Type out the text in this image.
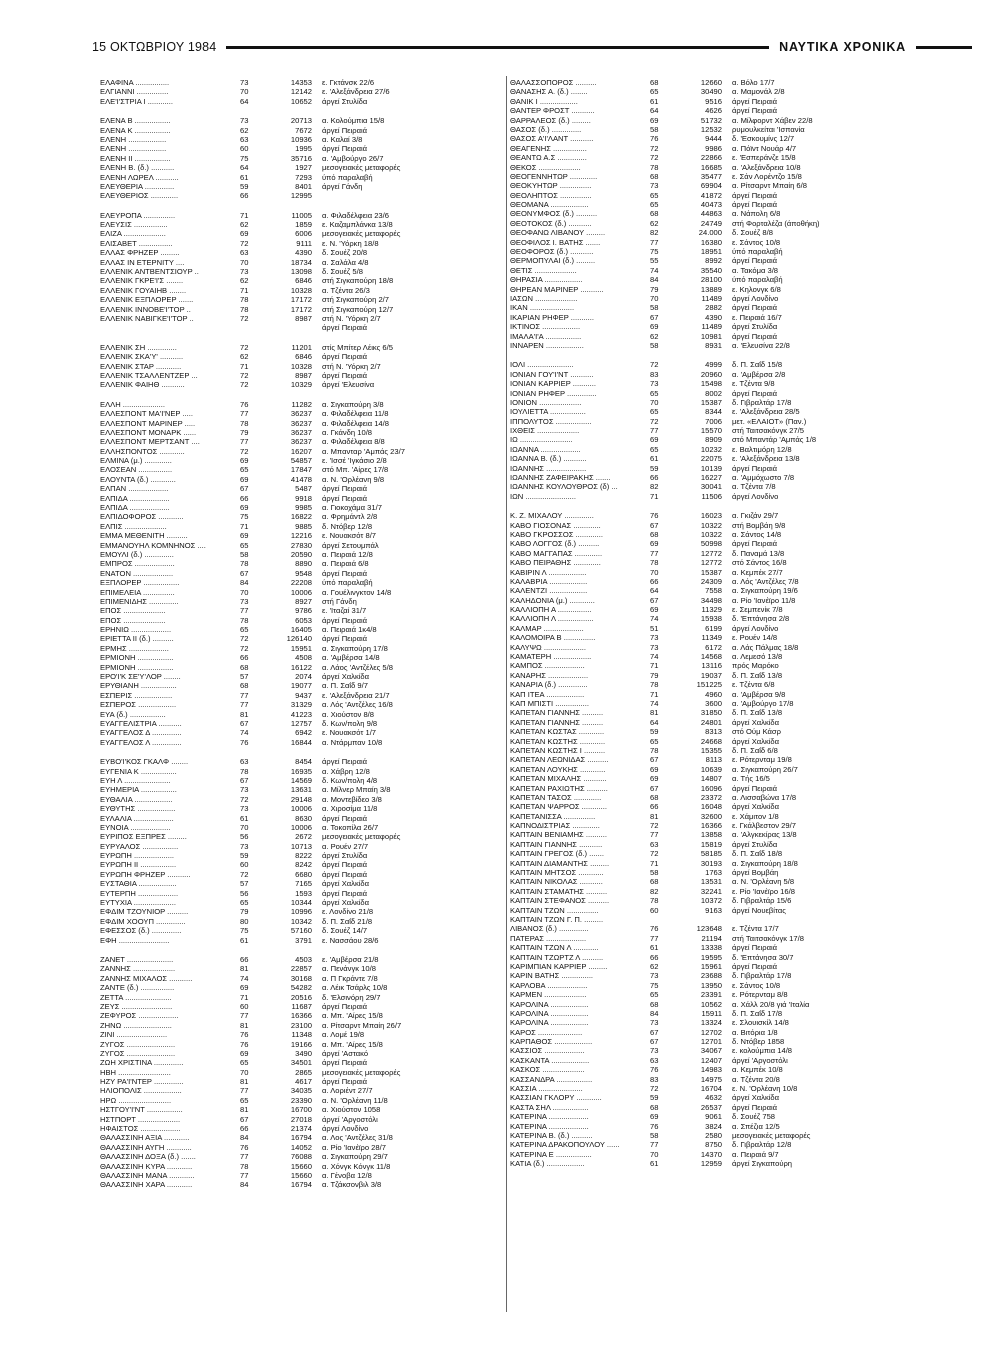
15 ΟΚΤΩΒΡΙΟΥ 1984	ΝΑΥΤΙΚΑ ΧΡΟΝΙΚΑ
ΕΛΑΦΙΝΑ ................	73	14353	ε. Γκτάνσκ 22/6
ΕΛΓΙΑΝΝΙ ...............	70	12142	ε. 'Αλεξάνδρεια 27/6
ΕΛΕ'Ι'ΣΤΡΙΑ Ι ............	64	10652	άργεί Στυλίδα
ΕΛΕΝΑ Β .................	73	20713	α. Κολούμπια 15/8
ΕΛΕΝΑ Κ .................	62	7672	άργεί Πειραιά
ΕΛΕΝΗ ..................	63	10936	α. Καλαί 3/8
ΕΛΕΝΗ ..................	60	1995	άργεί Πειραιά
ΕΛΕΝΗ ΙΙ .................	75	35716	α. 'Αμβούργο 26/7
ΕΛΕΝΗ Β. (δ.) ...........	64	1927	μεσογειακές μεταφορές
ΕΛΕΝΗ ΛΩΡΕΛ ...........	61	7293	ύπό παραλαβή
ΕΛΕΥΘΕΡΙΑ ..............	59	8401	άργεί Γάνδη
ΕΛΕΥΘΕΡΙΟΣ .............	66	12995
ΕΛΕΥΡΟΠΑ ...............	71	11005	α. Φιλαδέλφεια 23/6
ΕΛΕΥΣΙΣ ................	62	1859	ε. Καζαμπλάνκα 13/8
ΕΛΙΖΑ ....................	69	6006	μεσογειακές μεταφορές
ΕΛΙΣΑΒΕΤ ................	72	9111	ε. Ν. 'Υόρκη 18/8
ΕΛΛΑΣ ΦΡΗΖΕΡ .........	63	4390	δ. Σουέζ 20/8
ΕΛΛΑΣ ΙΝ ΕΤΕΡΝΙΤΥ ....	70	18734	α. Σαλάλα 4/8
ΕΛΛΕΝΙΚ ΑΝΤΒΕΝΤΣΙΟΥΡ ..	73	13098	δ. Σουέζ 5/8
ΕΛΛΕΝΙΚ ΓΚΡΕ'Ι'Σ ........	62	6846	στή Σιγκαπούρη 18/8
ΕΛΛΕΝΙΚ ΓΟΥΑΙΗΒ ........	71	10328	α. Τζέντα 26/3
ΕΛΛΕΝΙΚ ΕΞΠΛΟΡΕΡ .......	78	17172	στή Σιγκαπούρη 2/7
ΕΛΛΕΝΙΚ ΙΝΝΟΒΕ'Ι'ΤΟΡ ..	78	17172	στή Σιγκαπούρη 12/7
ΕΛΛΕΝΙΚ ΝΑΒΙΓΚΕ'Ι'ΤΟΡ ..	72	8987	στή Ν. 'Υόρκη 2/7
άργεί Πειραιά
ΕΛΛΕΝΙΚ ΣΗ ..............	72	11201	στίς Μπίτερ Λέικς 6/5
ΕΛΛΕΝΙΚ ΣΚΑ'Υ' ...........	62	6846	άργεί Πειραιά
ΕΛΛΕΝΙΚ ΣΤΑΡ ............	71	10328	στή Ν. 'Υόρκη 2/7
ΕΛΛΕΝΙΚ ΤΣΑΛΛΕΝΤΖΕΡ ...	72	8987	άργεί Πειραιά
ΕΛΛΕΝΙΚ ΦΑΙΗΘ ...........	72	10329	άργεί 'Ελευσίνα
ΕΛΛΗ ....................	76	11282	α. Σιγκαπούρη 3/8
ΕΛΛΕΣΠΟΝΤ ΜΑ'Ι'ΝΕΡ .....	77	36237	α. Φιλαδέλφεια 11/8
ΕΛΛΕΣΠΟΝΤ ΜΑΡΙΝΕΡ .....	78	36237	α. Φιλαδέλφεια 14/8
ΕΛΛΕΣΠΟΝΤ ΜΟΝΑΡΚ ......	79	36237	α. Γκάνδη 10/8
ΕΛΛΕΣΠΟΝΤ ΜΕΡΤΣΑΝΤ ....	77	36237	α. Φιλαδέλφεια 8/8
ΕΛΛΗΣΠΟΝΤΟΣ ............	72	16207	α. Μπανταρ 'Αμπάς 23/7
ΕΛΜΙΝΑ (μ.) .............	69	54857	ε. 'Ισσέ 'Ιγκάσιο 2/8
ΕΛΟΣΕΑΝ ................	65	17847	στό Μπ. 'Αίρες 17/8
ΕΛΟΥΝΤΑ (δ.) ............	69	41478	α. Ν. 'Ορλέανη 9/8
ΕΛΠΑΝ ...................	67	5487	άργεί Πειραιά
ΕΛΠΙΔΑ ...................	66	9918	άργεί Πειραιά
ΕΛΠΙΔΑ ...................	69	9985	α. Γιοκοχάμα 31/7
ΕΛΠΙΔΟΦΟΡΟΣ ............	75	16822	α. Φρημάντλ 2/8
ΕΛΠΙΣ ....................	71	9885	δ. Ντόβερ 12/8
ΕΜΜΑ ΜΕΘΕΝΙΤΗ ..........	69	12216	ε. Νουακσότ 8/7
ΕΜΜΑΝΟΥΗΛ ΚΟΜΝΗΝΟΣ ....	65	27830	άργεί Σετουμπάλ
ΕΜΟΥΛΙ (δ.) ..............	58	20590	α. Πειραιά 12/8
ΕΜΠΡΟΣ ...................	78	8890	α. Πειραιά 6/8
ΕΝΑΤΟΝ ...................	67	9548	άργεί Πειραιά
ΕΞΠΛΟΡΕΡ .................	84	22208	ύπό παραλαβή
ΕΠΙΜΕΛΕΙΑ ...............	70	10006	α. Γουέλινγκτον 14/8
ΕΠΙΜΕΝΙΔΗΣ ..............	73	8927	στή Γάνδη
ΕΠΟΣ ....................	77	9786	ε. 'Ιταζαί 31/7
ΕΠΟΣ ....................	78	6053	άργεί Πειραιά
ΕΡΗΝΙΩ ...................	65	16405	α. Πειραιά 1κ4/8
ΕΡΙΕΤΤΑ ΙΙ (δ.) ..........	72	126140	άργεί Πειραιά
ΕΡΜΗΣ ...................	72	15951	α. Σιγκαπούρη 17/8
ΕΡΜΙΟΝΗ .................	66	4508	α. 'Αμβέρσα 14/8
ΕΡΜΙΟΝΗ .................	68	16122	α. Λάος 'Αντζέλες 5/8
ΕΡΟ'Ι'Κ ΣΕ'Υ'ΛΟΡ ........	57	2074	άργεί Χαλκίδα
ΕΡΥΘΙΑΝΗ .................	68	19077	α. Π. Σαΐδ 9/7
ΕΣΠΕΡΙΣ ..................	77	9437	ε. 'Αλεξάνδρεια 21/7
ΕΣΠΕΡΟΣ ..................	77	31329	α. Λός 'Αντζέλες 16/8
ΕΥΑ (δ.) .................	81	41223	α. Χιούστον 8/8
ΕΥΑΓΓΕΛΙΣΤΡΙΑ ...........	67	12757	δ. Κων/πολη 9/8
ΕΥΑΓΓΕΛΟΣ Δ ..............	74	6942	ε. Νουακσότ 1/7
ΕΥΑΓΓΕΛΟΣ Λ ..............	76	16844	α. Ντάρμπαν 10/8
ΕΥΒΟ'Ι'ΚΟΣ ΓΚΑΛΦ ........	63	8454	άργεί Πειραιά
ΕΥΓΕΝΙΑ Κ .................	78	16935	α. Χάβρη 12/8
ΕΥΗ Λ ......................	67	14569	δ. Κων/πολη 4/8
ΕΥΗΜΕΡΙΑ .................	73	13631	α. Μίλνερ Μπαίη 3/8
ΕΥΘΑΛΙΑ ..................	72	29148	α. Μοντεβίδεο 3/8
ΕΥΘΥΤΗΣ ..................	73	10006	α. Χιροσίμα 11/8
ΕΥΛΑΛΙΑ ...................	61	8630	άργεί Πειραιά
ΕΥΝΟΙΑ ...................	70	10006	α. Τοκοπίλα 26/7
ΕΥΡΙΠΟΣ ΕΞΠΡΕΣ .........	56	2672	μεσογειακές μεταφορές
ΕΥΡΥΑΛΟΣ .................	73	10713	α. Ρουέν 27/7
ΕΥΡΩΠΗ ...................	59	8222	άργεί Στυλίδα
ΕΥΡΩΠΗ ΙΙ .................	60	8242	άργεί Πειραιά
ΕΥΡΩΠΗ ΦΡΗΖΕΡ ...........	72	6680	άργεί Πειραιά
ΕΥΣΤΑΘΙΑ ..................	57	7165	άργεί Χαλκίδα
ΕΥΤΕΡΠΗ ...................	56	1593	άργεί Πειραιά
ΕΥΤΥΧΙΑ ....................	65	10344	άργεί Χαλκίδα
ΕΦΔΙΜ ΤΖΟΥΝΙΟΡ ..........	79	10996	ε. Λονδίνο 21/8
ΕΦΔΙΜ ΧΟΟΥΠ ..............	80	10342	δ. Π. Σαΐδ 21/8
ΕΦΕΣΣΟΣ (δ.) ..............	75	57160	δ. Σουέζ 14/7
ΕΦΗ ........................	61	3791	ε. Νασσάου 28/6
ΖΑΝΕΤ ......................	66	4503	ε. 'Αμβέρσα 21/8
ΖΑΝΝΗΣ ....................	81	22857	α. Πενάνγκ 10/8
ΖΑΝΝΗΣ ΜΙΧΑΛΟΣ ...........	74	30168	α. Π Γκράντε 7/8
ΖΑΝΤΕ (δ.) ................	69	54282	α. Λέικ Τσάρλς 10/8
ΖΕΤΤΑ ......................	71	20516	δ. 'Ελσινόρη 29/7
ΖΕΥΣ ........................	60	11687	άργεί Πειραιά
ΖΕΦΥΡΟΣ ...................	77	16366	α. Μπ. 'Αίρες 15/8
ΖΗΝΩ .......................	81	23100	α. Ρίτσαρντ Μπαίη 26/7
ΖΙΝΙ ........................	76	11348	α. Λομέ 19/8
ΖΥΓΟΣ .......................	76	19166	α. Μπ. 'Αίρες 15/8
ΖΥΓΟΣ .......................	69	3490	άργεί 'Αστακό
ΖΩΗ ΧΡΙΣΤΙΝΑ ..............	65	34501	άργεί Πειραιά
ΗΒΗ .........................	70	2865	μεσογειακές μεταφορές
ΗΖΥ ΡΑ'Ι'ΝΤΕΡ ..............	81	4617	άργεί Πειραιά
ΗΛΙΟΠΟΛΙΣ ..................	77	34035	α. Λοριέντ 27/7
ΗΡΩ .........................	65	23390	α. Ν. 'Ορλέανη 11/8
ΗΣΤΓΟΥ'Ι'ΝΤ .................	81	16700	α. Χιούστον 1058
ΗΣΤΠΟΡΤ ....................	67	27018	άργεί 'Αργοστόλι
ΗΦΑΙΣΤΟΣ ...................	66	21374	άργεί Λονδίνο
ΘΑΛΑΣΣΙΝΗ ΑΞΙΑ ............	84	16794	α. Λος 'Αντζέλες 31/8
ΘΑΛΑΣΣΙΝΗ ΑΥΓΗ ............	76	14052	α. Ρίο 'Ιανέϊρο 28/7
ΘΑΛΑΣΣΙΝΗ ΔΟΞΑ (δ.) .......	77	76088	α. Σιγκαπούρη 29/7
ΘΑΛΑΣΣΙΝΗ ΚΥΡΑ ............	78	15660	α. Χόνγκ Κόνγκ 11/8
ΘΑΛΑΣΣΙΝΗ ΜΑΝΑ ............	77	15660	α. Γένοβα 12/8
ΘΑΛΑΣΣΙΝΗ ΧΑΡΑ ............	84	16794	α. Τζάκσονβιλ 3/8
ΘΑΛΑΣΣΟΠΟΡΟΣ ..........	68	12660	α. Βόλο 17/7
ΘΑΝΑΣΗΣ Α. (δ.) ........	65	30490	α. Μαμονάλ 2/8
ΘΑΝΙΚ Ι ..................	61	9516	άργεί Πειραιά
ΘΑΝΤΕΡ ΦΡΟΣΤ ...........	64	4626	άργεί Πειραιά
ΘΑΡΡΑΛΕΟΣ (δ.) .........	69	51732	α. Μίλφορντ Χάβεν 22/8
ΘΑΣΟΣ (δ.) ..............	58	12532	ρυμουλκείται 'Ισπανία
ΘΑΣΟΣ Α'Ι'ΛΑΝΤ ...........	76	9444	δ. 'Εσκουμίνς 12/7
ΘΕΑΓΕΝΗΣ ................	72	9986	α. Πόϊντ Νουάρ 4/7
ΘΕΑΝΤΩ Α.Σ ..............	72	22866	ε. 'Εσπεράνζε 15/8
ΘΕΚΟΣ ....................	78	16685	α. 'Αλεξάνδρεια 10/8
ΘΕΟΓΕΝΝΗΤΩΡ .............	68	35477	ε. Σάν Λορέντζο 15/8
ΘΕΟΚΥΗΤΩΡ ...............	73	69904	α. Ρίτσαρντ Μπαίη 6/8
ΘΕΟΛΗΠΤΟΣ ...............	65	41872	άργεί Πειραιά
ΘΕΟΜΑΝΑ ..................	65	40473	άργεί Πειραιά
ΘΕΟΝΥΜΦΟΣ (δ.) ..........	68	44863	α. Νάπολη 6/8
ΘΕΟΤΟΚΟΣ (δ.) ...........	62	24749	στή Φορταλέζα (άποθήκη)
ΘΕΟΦΑΝΩ ΛΙΒΑΝΟΥ .........	82	24.000	δ. Σουέζ 8/8
ΘΕΟΦΙΛΟΣ Ι. ΒΑΤΗΣ .......	77	16380	ε. Σάντος 10/8
ΘΕΟΦΟΡΟΣ (δ.) ...........	75	18951	ύπό παραλαβή
ΘΕΡΜΟΠΥΛΑΙ (δ.) .........	55	8992	άργεί Πειραιά
ΘΕΤΙΣ ....................	74	35540	α. Τακόμα 3/8
ΘΗΡΑΣΙΑ ..................	84	28100	ύπό παραλαβή
ΘΗΡΕΑΝ ΜΑΡΙΝΕΡ ...........	79	13889	ε. Κηλονγκ 6/8
ΙΑΣΩΝ ....................	70	11489	άργεί Λονδίνο
ΙΚΑΝ .....................	58	2882	άργεί Πειραιά
ΙΚΑΡΙΑΝ ΡΗΦΕΡ ...........	67	4390	ε. Πειραιά 16/7
ΙΚΤΙΝΟΣ ..................	69	11489	άργεί Στυλίδα
ΙΜΑΛΑ'Ι'Α .................	62	10981	άργεί Πειραιά
ΙΝΝΑΡΕΝ ..................	58	8931	α. 'Ελευσίνα 22/8
ΙΟΛΙ ......................	72	4999	δ. Π. Σαΐδ 15/8
ΙΟΝΙΑΝ ΓΟΥ'Ι'ΝΤ ...........	83	20960	α. 'Αμβέρσα 2/8
ΙΟΝΙΑΝ ΚΑΡΡΙΕΡ ...........	73	15498	ε. Τζέντα 9/8
ΙΟΝΙΑΝ ΡΗΦΕΡ ..............	65	8002	άργεί Πειραιά
ΙΟΝΙΟΝ ....................	70	15387	δ. Γιβραλτάρ 17/8
ΙΟΥΛΙΕΤΤΑ .................	65	8344	ε. 'Αλεξάνδρεια 28/5
ΙΠΠΟΛΥΤΟΣ .................	72	7006	μετ. «ΕΛΑΙΟΤ» (Παν.)
ΙΧΘΕΙΣ ....................	77	15570	στή Ταιτσακόνγκ 27/5
ΙΩ .........................	69	8909	στό Μπαντάρ 'Αμπάς 1/8
ΙΩΑΝΝΑ ...................	65	10232	ε. Βαλτιμόρη 12/8
ΙΩΑΝΝΑ Β. (δ.) ...........	61	22075	ε. 'Αλεξάνδρεια 13/8
ΙΩΑΝΝΗΣ ...................	59	10139	άργεί Πειραιά
ΙΩΑΝΝΗΣ ΖΑΦΕΙΡΑΚΗΣ .......	66	16227	α. 'Αμμόχωστο 7/8
ΙΩΑΝΝΗΣ ΚΟΥΛΟΥΘΡΟΣ (δ) ...	82	30041	α. Τζέντα 7/8
ΙΩΝ ........................	71	11506	άργεί Λονδίνο
Κ. Ζ. ΜΙΧΑΛΟΥ ..............	76	16023	α. Γκιζάν 29/7
ΚΑΒΟ ΓΙΟΣΟΝΑΣ .............	67	10322	στή Βομβάη 9/8
ΚΑΒΟ ΓΚΡΟΣΣΟΣ .............	68	10322	α. Σάντος 14/8
ΚΑΒΟ ΛΟΓΓΟΣ (δ.) ..........	69	50998	άργεί Πειραιά
ΚΑΒΟ ΜΑΓΓΑΠΑΣ .............	77	12772	δ. Παναμά 13/8
ΚΑΒΟ ΠΕΙΡΑΘΗΣ .............	78	12772	στό Σάντος 16/8
ΚΑΒΙΡΙΝ Λ ..................	70	15387	α. Κεμπέκ 27/7
ΚΑΛΑΒΡΙΑ ..................	66	24309	α. Λός 'Αντζέλες 7/8
ΚΑΛΕΝΤΖΙ ..................	64	7558	α. Σιγκαπούρη 19/6
ΚΑΛΗΔΟΝΙΑ (μ.) ............	67	34498	α. Ρίο 'Ιανέϊρο 11/8
ΚΑΛΛΙΟΠΗ Α ................	69	11329	ε. Σεμπενίκ 7/8
ΚΑΛΛΙΟΠΗ Λ .................	74	15938	δ. 'Επτάνησα 2/8
ΚΑΛΜΑΡ ...................	51	6199	άργεί Λονδίνο
ΚΑΛΟΜΟΙΡΑ Β ...............	73	11349	ε. Ρουέν 14/8
ΚΑΛΥΨΩ ....................	73	6172	α. Λάς Πάλμας 18/8
ΚΑΜΑΤΕΡΗ ..................	74	14568	α. Λεμεσό 13/8
ΚΑΜΠΟΣ ...................	71	13116	πρός Μαρόκο
ΚΑΝΑΡΗΣ ...................	79	19037	δ. Π. Σαΐδ 13/8
ΚΑΝΑΡΙΑ (δ.) ..............	78	151225	ε. Τζέντα 6/8
ΚΑΠ ΙΤΕΑ ..................	71	4960	α. 'Αμβέρσα 9/8
ΚΑΠ ΜΠΙΣΤΙ ................	74	3600	α. 'Αμβούργο 17/8
ΚΑΠΕΤΑΝ ΓΙΑΝΝΗΣ ..........	81	31850	δ. Π. Σαΐδ 13/8
ΚΑΠΕΤΑΝ ΓΙΑΝΝΗΣ ..........	64	24801	άργεί Χαλκίδα
ΚΑΠΕΤΑΝ ΚΩΣΤΑΣ ............	59	8313	στό Ούμ Κάσρ
ΚΑΠΕΤΑΝ ΚΩΣΤΗΣ ............	65	24668	άργεί Χαλκίδα
ΚΑΠΕΤΑΝ ΚΩΣΤΗΣ Ι ..........	78	15355	δ. Π. Σαΐδ 6/8
ΚΑΠΕΤΑΝ ΛΕΩΝΙΔΑΣ ..........	67	8113	ε. Ρότερνταμ 19/8
ΚΑΠΕΤΑΝ ΛΟΥΚΗΣ ............	69	10639	α. Σιγκαπούρη 26/7
ΚΑΠΕΤΑΝ ΜΙΧΑΛΗΣ ...........	69	14807	α. Τής 16/5
ΚΑΠΕΤΑΝ ΡΑΧΙΩΤΗΣ ..........	67	16096	άργεί Πειραιά
ΚΑΠΕΤΑΝ ΤΑΣΟΣ .............	68	23372	α. Λισσαβώνα 17/8
ΚΑΠΕΤΑΝ ΨΑΡΡΟΣ ............	66	16048	άργεί Χαλκίδα
ΚΑΠΕΤΑΝΙΣΣΑ ...............	81	32600	ε. Χάμιτον 1/8
ΚΑΠΝΟΔΙΣΤΡΙΑΣ .............	72	16366	ε. Γκάλβεστον 29/7
ΚΑΠΤΑΙΝ ΒΕΝΙΑΜΗΣ ..........	77	13858	α. 'Αλγκεκίρας 13/8
ΚΑΠΤΑΙΝ ΓΙΑΝΝΗΣ ...........	63	15819	άργεί Στυλίδα
ΚΑΠΤΑΙΝ ΓΡΕΓΟΣ (δ.) .......	72	58185	δ. Π. Σαΐδ 18/8
ΚΑΠΤΑΙΝ ΔΙΑΜΑΝΤΗΣ .........	71	30193	α. Σιγκαπούρη 18/8
ΚΑΠΤΑΙΝ ΜΗΤΣΟΣ ............	58	1763	άργεί Βομβάη
ΚΑΠΤΑΙΝ ΝΙΚΟΛΑΣ ...........	68	13531	α. Ν. 'Ορλέανη 5/8
ΚΑΠΤΑΙΝ ΣΤΑΜΑΤΗΣ ..........	82	32241	ε. Ρίο 'Ιανέϊρο 16/8
ΚΑΠΤΑΙΝ ΣΤΕΦΑΝΟΣ ..........	78	10372	δ. Γιβραλτάρ 15/6
ΚΑΠΤΑΙΝ ΤΖΩΝ ...............	60	9163	άργεί Νουεβίτας
ΚΑΠΤΑΙΝ ΤΖΩΝ Γ. Π. .........
ΛΙΒΑΝΟΣ (δ.) ..............	76	123648	ε. Τζέντα 17/7
ΠΑΤΕΡΑΣ ...................	77	21194	στή Ταιτσακόνγκ 17/8
ΚΑΠΤΑΙΝ ΤΖΩΝ Λ ............	61	13338	άργεί Πειραιά
ΚΑΠΤΑΙΝ ΤΖΩΡΤΖ Λ ..........	66	19595	δ. 'Επτάνησα 30/7
ΚΑΡΙΜΠΙΑΝ ΚΑΡΡΙΕΡ .........	62	15961	άργεί Πειραιά
ΚΑΡΙΝ ΒΑΤΗΣ ...............	73	23688	δ. Γιβραλτάρ 17/8
ΚΑΡΛΟΒΑ ...................	75	13950	ε. Σάντος 10/8
ΚΑΡΜΕΝ ....................	65	23391	ε. Ρότερνταμ 8/8
ΚΑΡΟΛΙΝΑ ..................	68	10562	α. Χάλλ 20/8 γιά 'Ιταλία
ΚΑΡΟΛΙΝΑ ..................	84	15911	δ. Π. Σαΐδ 17/8
ΚΑΡΟΛΙΝΑ ..................	73	13324	ε. Σλουισκίλ 14/8
ΚΑΡΟΣ .....................	67	12702	α. Βιτόρια 1/8
ΚΑΡΠΑΘΟΣ ..................	67	12701	δ. Ντόβερ 1858
ΚΑΣΣΙΟΣ ...................	73	34067	ε. κολούμπια 14/8
ΚΑΣΚΑΝΤΑ ..................	63	12407	άργεί 'Αργοστόλι
ΚΑΣΚΟΣ ....................	76	14983	α. Κεμπέκ 10/8
ΚΑΣΣΑΝΔΡΑ .................	83	14975	α. Τζέντα 20/8
ΚΑΣΣΙΑ .....................	72	16704	ε. Ν. 'Ορλέανη 10/8
ΚΑΣΣΙΑΝ ΓΚΛΟΡΥ ............	59	4632	άργεί Χαλκίδα
ΚΑΣΤΑ ΣΗΛ .................	68	26537	άργεί Πειραιά
ΚΑΤΕΡΙΝΑ ...................	69	9061	δ. Σουέζ 758
ΚΑΤΕΡΙΝΑ ...................	76	3824	α. Σπέζια 12/5
ΚΑΤΕΡΙΝΑ Β. (δ.) ..........	58	2580	μεσογειακές μεταφορές
ΚΑΤΕΡΙΝΑ ΔΡΑΚΟΠΟΥΛΟΥ ......	77	8750	δ. Γιβραλτάρ 12/8
ΚΑΤΕΡΙΝΑ Ε .................	70	14370	α. Πειραιά 9/7
ΚΑΤΙΑ (δ.) ..................	61	12959	άργεί Σιγκαπούρη
